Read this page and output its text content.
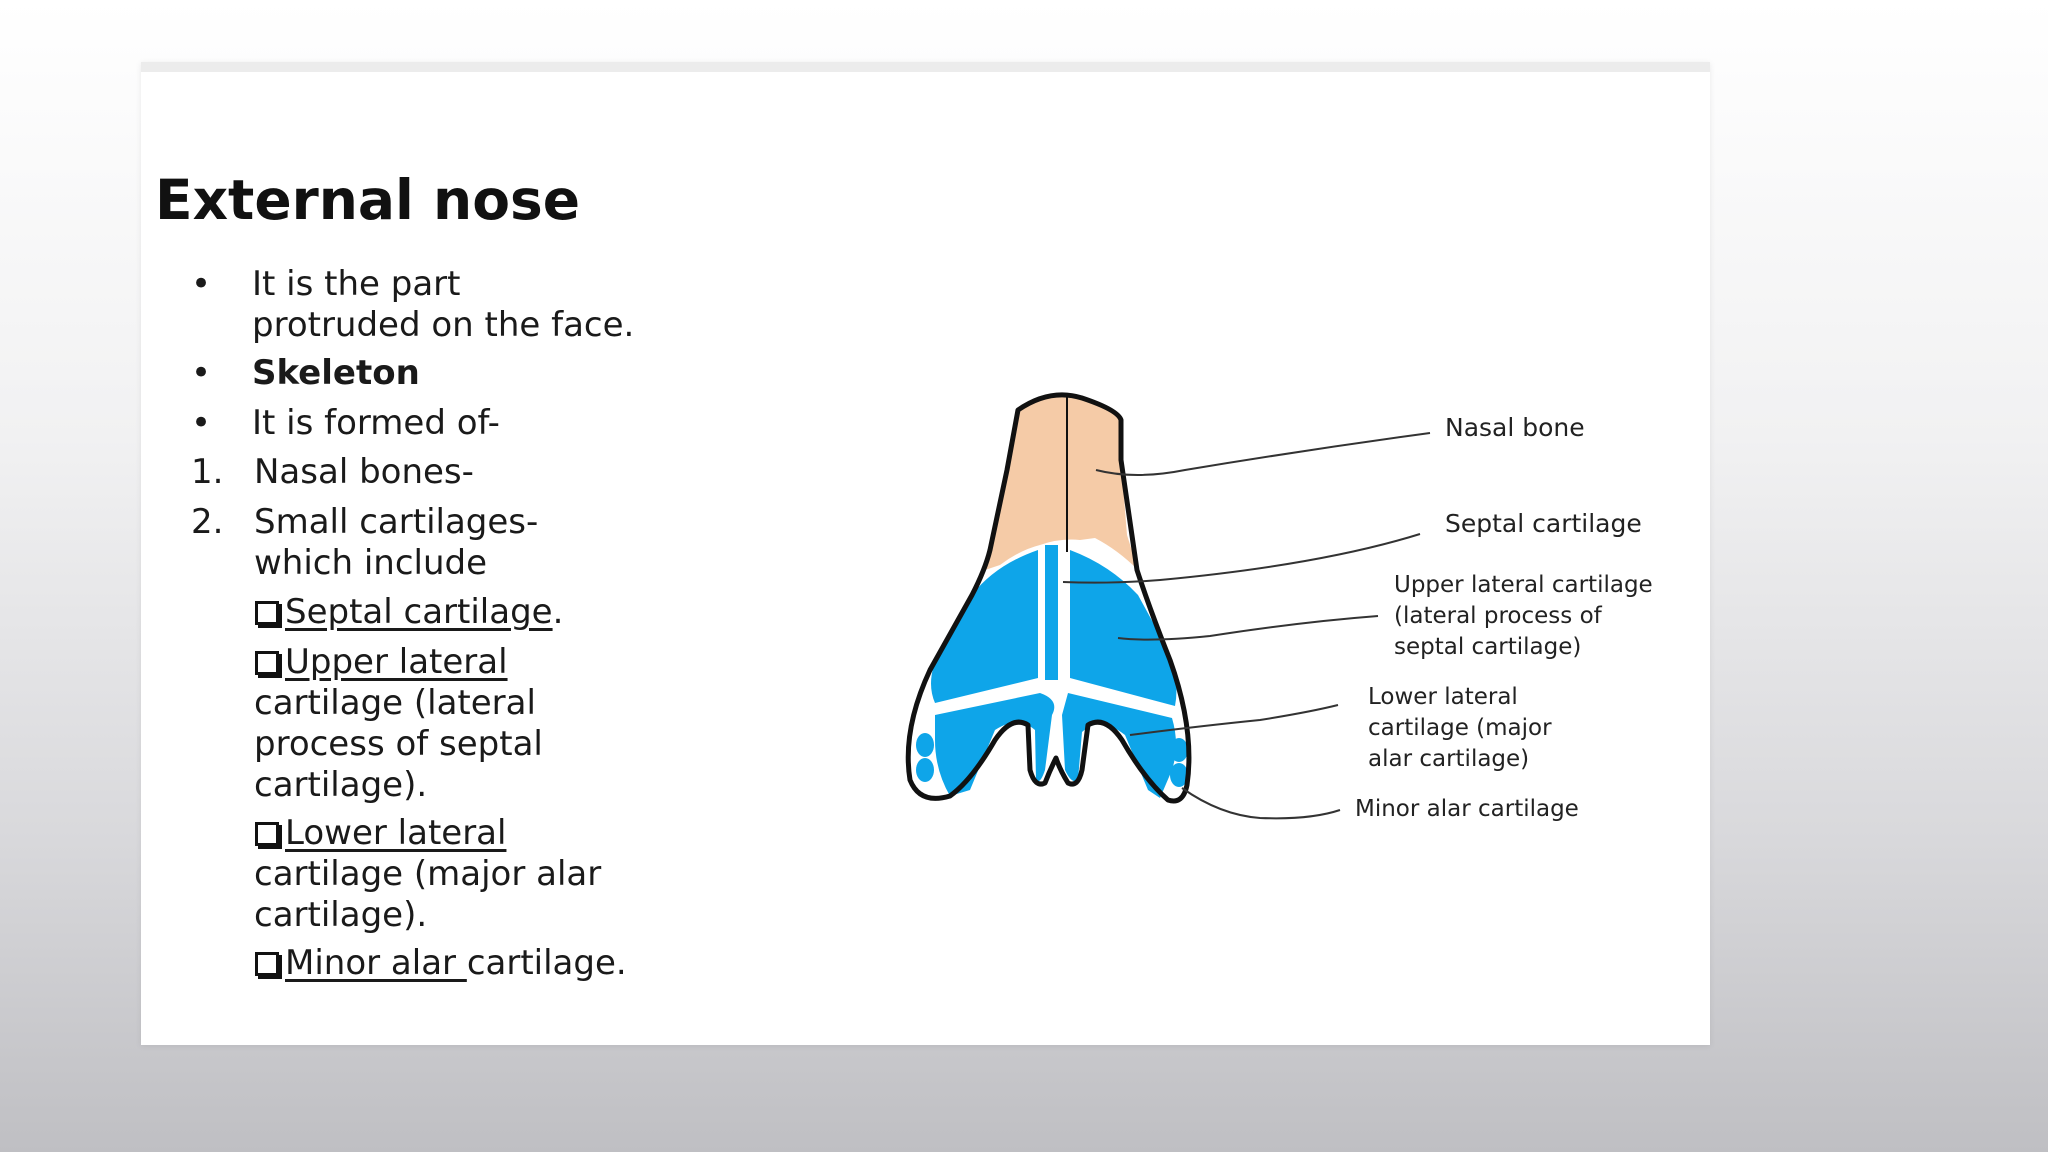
External nose
• It is the part
protruded on the face.
• Skeleton
• It is formed of-
1. Nasal bones-
2. Small cartilages-
which include
Septal cartilage.
Upper lateral
cartilage (lateral
process of septal
cartilage).
Lower lateral
cartilage (major alar
cartilage).
Minor alar cartilage.
Nasal bone
Septal cartilage
Upper lateral cartilage
(lateral process of
septal cartilage)
Lower lateral
cartilage (major
alar cartilage)
Minor alar cartilage
